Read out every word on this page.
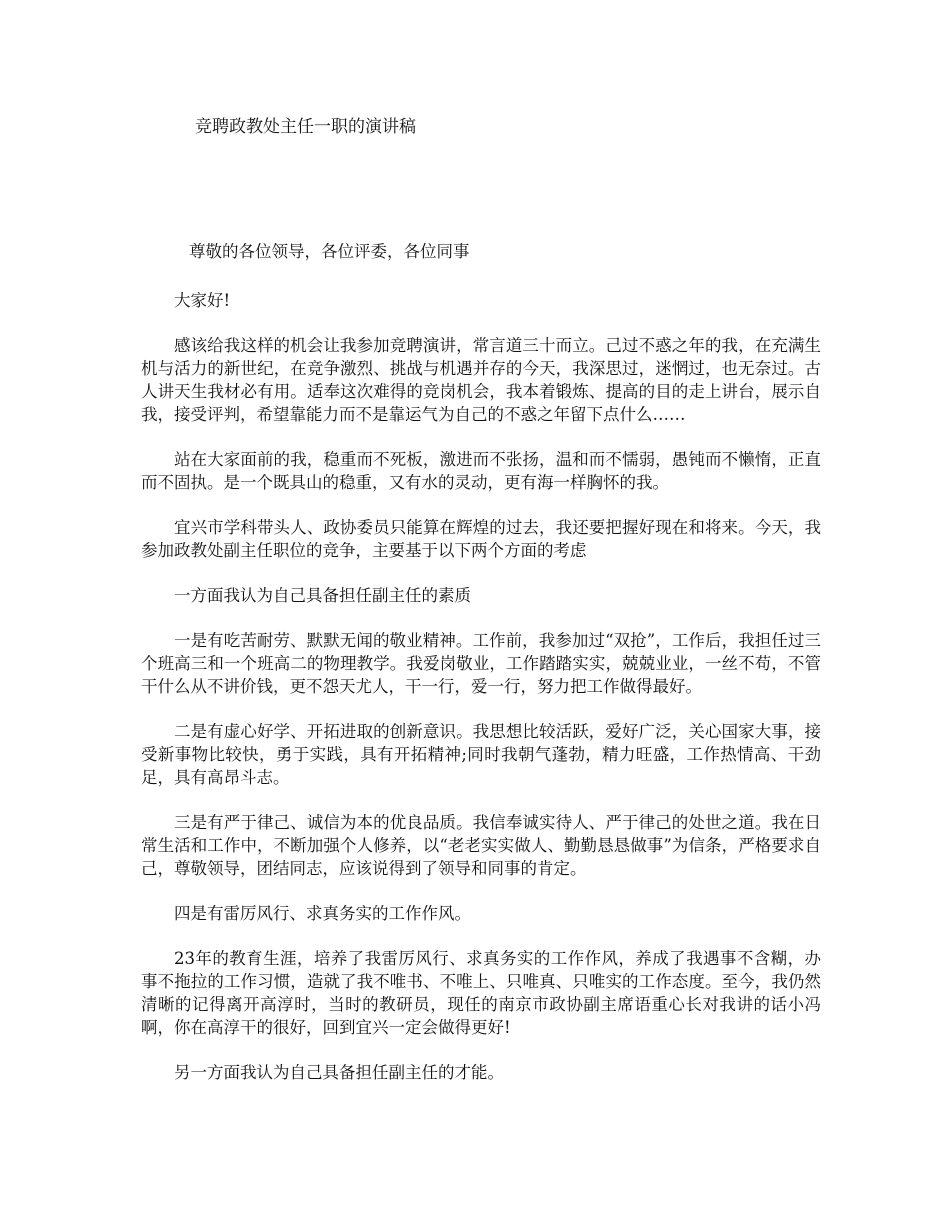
竞聘政教处主任一职的演讲稿

尊敬的各位领导，各位评委，各位同事

大家好!

感该给我这样的机会让我参加竞聘演讲，常言道三十而立。己过不惑之年的我，在充满生机与活力的新世纪，在竞争激烈、挑战与机遇并存的今天，我深思过，迷惘过，也无奈过。古人讲天生我材必有用。适奉这次难得的竞岗机会，我本着锻炼、提高的目的走上讲台，展示自我，接受评判，希望靠能力而不是靠运气为自己的不惑之年留下点什么……

站在大家面前的我，稳重而不死板，激进而不张扬，温和而不懦弱，愚钝而不懒惰，正直而不固执。是一个既具山的稳重，又有水的灵动，更有海一样胸怀的我。

宜兴市学科带头人、政协委员只能算在辉煌的过去，我还要把握好现在和将来。今天，我参加政教处副主任职位的竞争，主要基于以下两个方面的考虑

一方面我认为自己具备担任副主任的素质

一是有吃苦耐劳、默默无闻的敬业精神。工作前，我参加过“双抢”，工作后，我担任过三个班高三和一个班高二的物理教学。我爱岗敬业，工作踏踏实实，兢兢业业，一丝不苟，不管干什么从不讲价钱，更不怨天尤人，干一行，爱一行，努力把工作做得最好。

二是有虚心好学、开拓进取的创新意识。我思想比较活跃，爱好广泛，关心国家大事，接受新事物比较快，勇于实践，具有开拓精神;同时我朝气蓬勃，精力旺盛，工作热情高、干劲足，具有高昂斗志。

三是有严于律己、诚信为本的优良品质。我信奉诚实待人、严于律己的处世之道。我在日常生活和工作中，不断加强个人修养，以“老老实实做人、勤勤恳恳做事”为信条，严格要求自己，尊敬领导，团结同志，应该说得到了领导和同事的肯定。

四是有雷厉风行、求真务实的工作作风。

23年的教育生涯，培养了我雷厉风行、求真务实的工作作风，养成了我遇事不含糊，办事不拖拉的工作习惯，造就了我不唯书、不唯上、只唯真、只唯实的工作态度。至今，我仍然清晰的记得离开高淳时，当时的教研员，现任的南京市政协副主席语重心长对我讲的话小冯啊，你在高淳干的很好，回到宜兴一定会做得更好!

另一方面我认为自己具备担任副主任的才能。
